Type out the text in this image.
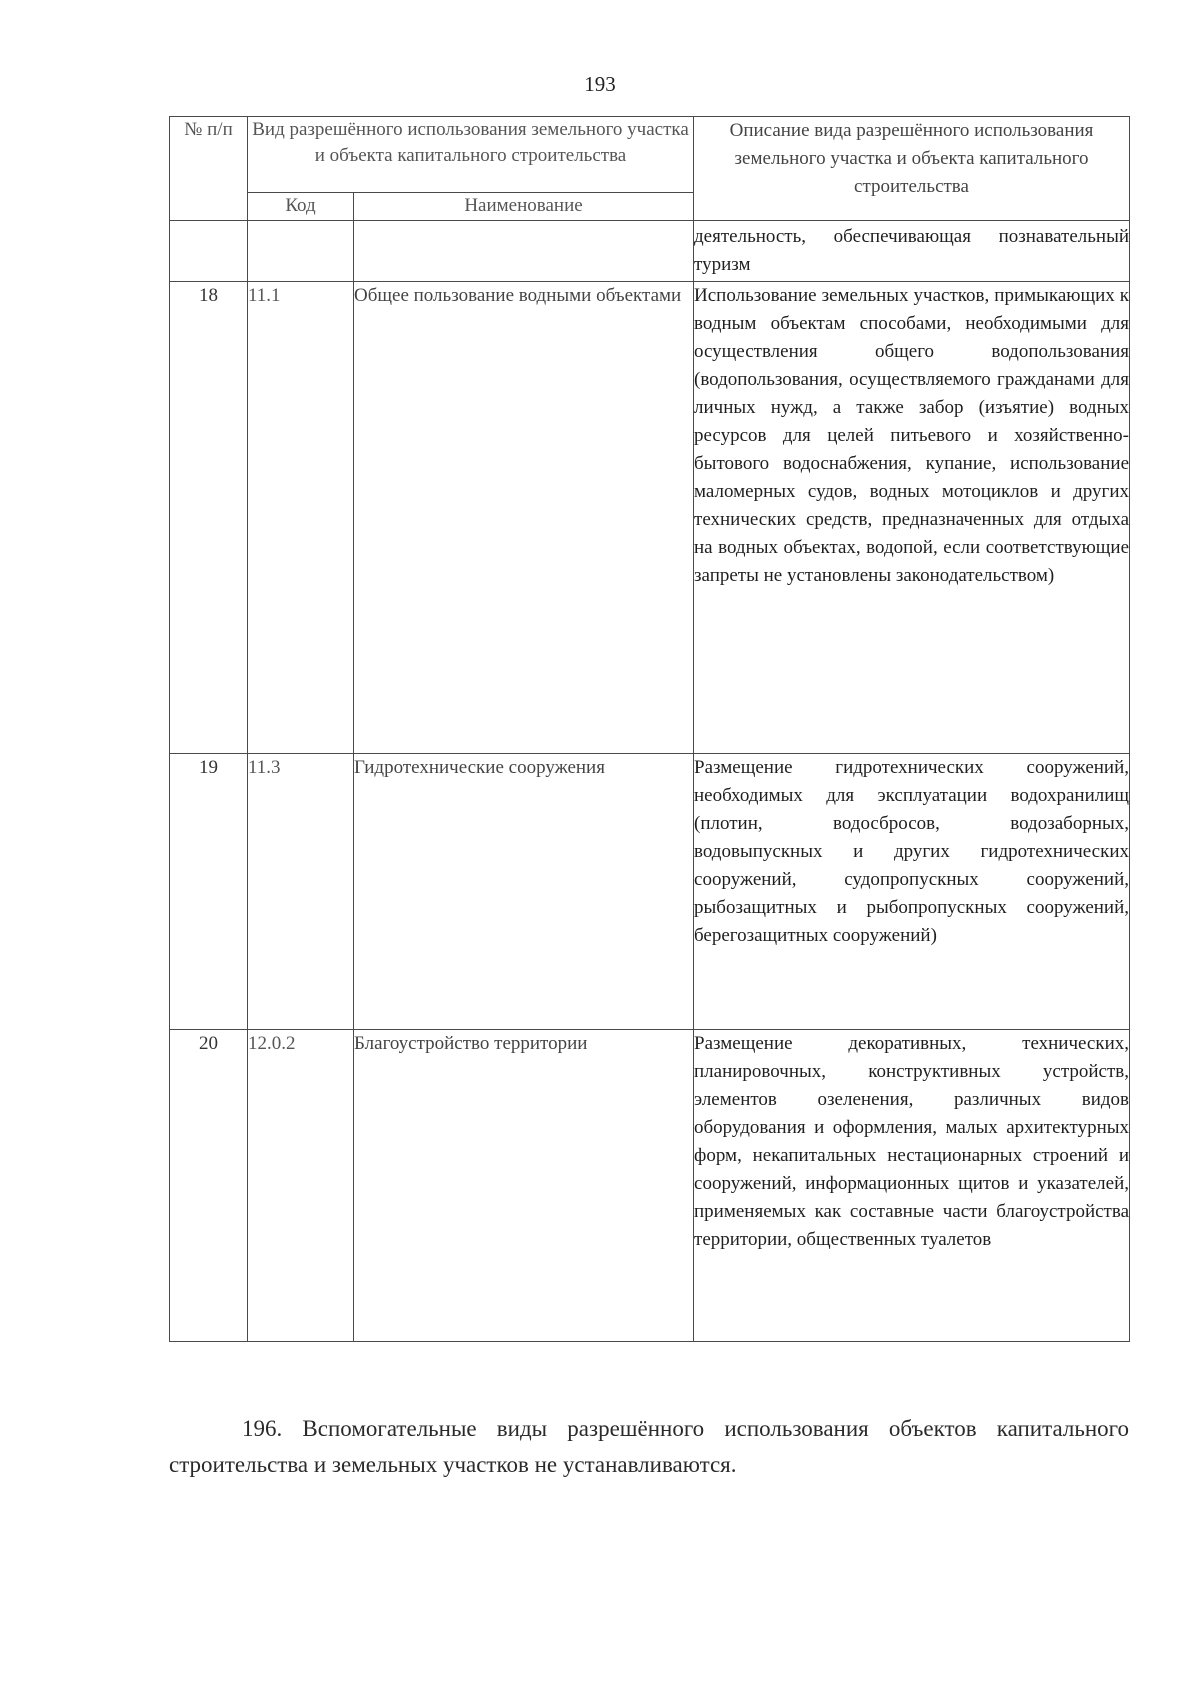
193
№ п/п	Вид разрешённого использования земельного участка и объекта капитального строительства		Описание вида разрешённого использования земельного участка и объекта капитального строительства
	Код	Наименование	
			деятельность, обеспечивающая познавательный туризм
18	11.1	Общее пользование водными объектами	Использование земельных участков, примыкающих к водным объектам способами, необходимыми для осуществления общего водопользования (водопользования, осуществляемого гражданами для личных нужд, а также забор (изъятие) водных ресурсов для целей питьевого и хозяйственно-бытового водоснабжения, купание, использование маломерных судов, водных мотоциклов и других технических средств, предназначенных для отдыха на водных объектах, водопой, если соответствующие запреты не установлены законодательством)
19	11.3	Гидротехнические сооружения	Размещение гидротехнических сооружений, необходимых для эксплуатации водохранилищ (плотин, водосбросов, водозаборных, водовыпускных и других гидротехнических сооружений, судопропускных сооружений, рыбозащитных и рыбопропускных сооружений, берегозащитных сооружений)
20	12.0.2	Благоустройство территории	Размещение декоративных, технических, планировочных, конструктивных устройств, элементов озеленения, различных видов оборудования и оформления, малых архитектурных форм, некапитальных нестационарных строений и сооружений, информационных щитов и указателей, применяемых как составные части благоустройства территории, общественных туалетов

196. Вспомогательные виды разрешённого использования объектов капитального строительства и земельных участков не устанавливаются.
